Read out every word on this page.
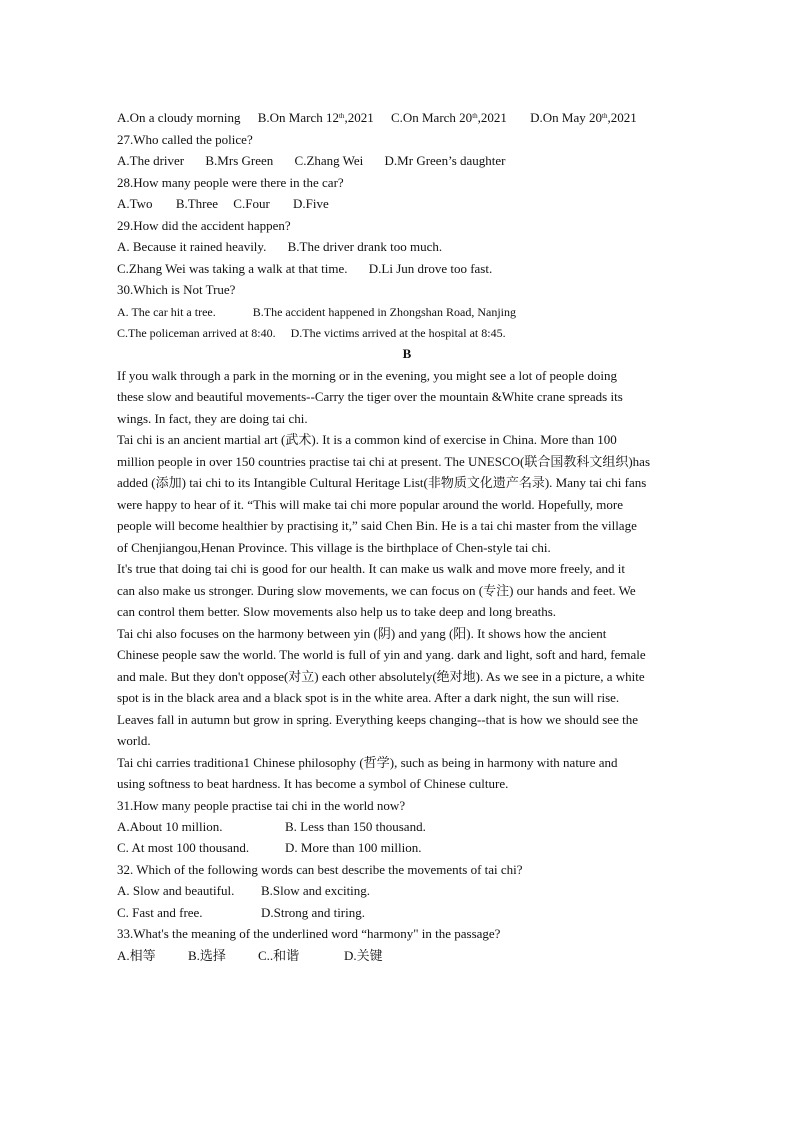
A.On a cloudy morning B.On March 12th,2021 C.On March 20th,2021 D.On May 20th,2021
27.Who called the police?
A.The driver B.Mrs Green C.Zhang Wei D.Mr Green’s daughter
28.How many people were there in the car?
A.Two B.Three C.Four D.Five
29.How did the accident happen?
A. Because it rained heavily. B.The driver drank too much.
C.Zhang Wei was taking a walk at that time. D.Li Jun drove too fast.
30.Which is Not True?
A. The car hit a tree.	B.The accident happened in Zhongshan Road, Nanjing
C.The policeman arrived at 8:40. D.The victims arrived at the hospital at 8:45.
B
If you walk through a park in the morning or in the evening, you might see a lot of people doing
these slow and beautiful movements--Carry the tiger over the mountain &White crane spreads its
wings. In fact, they are doing tai chi.
Tai chi is an ancient martial art (武术). It is a common kind of exercise in China. More than 100
million people in over 150 countries practise tai chi at present. The UNESCO(联合国教科文组织)has
added (添加) tai chi to its Intangible Cultural Heritage List(非物质文化遗产名录). Many tai chi fans
were happy to hear of it. “This will make tai chi more popular around the world. Hopefully, more
people will become healthier by practising it,” said Chen Bin. He is a tai chi master from the village
of Chenjiangou,Henan Province. This village is the birthplace of Chen-style tai chi.
It's true that doing tai chi is good for our health. It can make us walk and move more freely, and it
can also make us stronger. During slow movements, we can focus on (专注) our hands and feet. We
can control them better. Slow movements also help us to take deep and long breaths.
Tai chi also focuses on the harmony between yin (阴) and yang (阳). It shows how the ancient
Chinese people saw the world. The world is full of yin and yang. dark and light, soft and hard, female
and male. But they don't oppose(对立) each other absolutely(绝对地). As we see in a picture, a white
spot is in the black area and a black spot is in the white area. After a dark night, the sun will rise.
Leaves fall in autumn but grow in spring. Everything keeps changing--that is how we should see the
world.
Tai chi carries traditiona1 Chinese philosophy (哲学), such as being in harmony with nature and
using softness to beat hardness. It has become a symbol of Chinese culture.
31.How many people practise tai chi in the world now?
A.About 10 million.	B. Less than 150 thousand.
C. At most 100 thousand.	D. More than 100 million.
32. Which of the following words can best describe the movements of tai chi?
A. Slow and beautiful. B.Slow and exciting.
C. Fast and free.	D.Strong and tiring.
33.What's the meaning of the underlined word “harmony" in the passage?
A.相等 B.选择 C..和谐	D.关键
